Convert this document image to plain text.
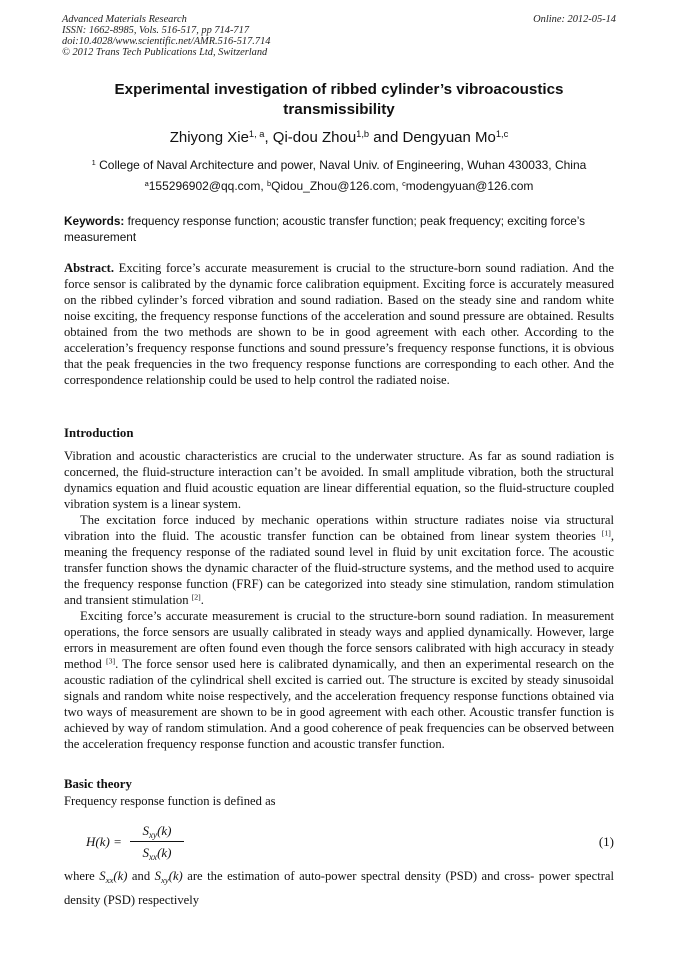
Advanced Materials Research
ISSN: 1662-8985, Vols. 516-517, pp 714-717
doi:10.4028/www.scientific.net/AMR.516-517.714
© 2012 Trans Tech Publications Ltd, Switzerland
Online: 2012-05-14
Experimental investigation of ribbed cylinder’s vibroacoustics transmissibility
Zhiyong Xie$^{1, a}$, Qi-dou Zhou$^{1,b}$ and Dengyuan Mo$^{1,c}$
$^1$ College of Naval Architecture and power, Naval Univ. of Engineering, Wuhan 430033, China
$^a$155296902@qq.com, $^b$Qidou_Zhou@126.com, $^c$modengyuan@126.com
Keywords: frequency response function; acoustic transfer function; peak frequency; exciting force’s measurement

Abstract. Exciting force’s accurate measurement is crucial to the structure-born sound radiation. And the force sensor is calibrated by the dynamic force calibration equipment. Exciting force is accurately measured on the ribbed cylinder’s forced vibration and sound radiation. Based on the steady sine and random white noise exciting, the frequency response functions of the acceleration and sound pressure are obtained. Results obtained from the two methods are shown to be in good agreement with each other. According to the acceleration’s frequency response functions and sound pressure’s frequency response functions, it is obvious that the peak frequencies in the two frequency response functions are corresponding to each other. And the correspondence relationship could be used to help control the radiated noise.

Introduction

Vibration and acoustic characteristics are crucial to the underwater structure. As far as sound radiation is concerned, the fluid-structure interaction can’t be avoided. In small amplitude vibration, both the structural dynamics equation and fluid acoustic equation are linear differential equation, so the fluid-structure coupled vibration system is a linear system.

The excitation force induced by mechanic operations within structure radiates noise via structural vibration into the fluid. The acoustic transfer function can be obtained from linear system theories [1], meaning the frequency response of the radiated sound level in fluid by unit excitation force. The acoustic transfer function shows the dynamic character of the fluid-structure systems, and the method used to acquire the frequency response function (FRF) can be categorized into steady sine stimulation, random stimulation and transient stimulation [2].

Exciting force’s accurate measurement is crucial to the structure-born sound radiation. In measurement operations, the force sensors are usually calibrated in steady ways and applied dynamically. However, large errors in measurement are often found even though the force sensors calibrated with high accuracy in steady method [3]. The force sensor used here is calibrated dynamically, and then an experimental research on the acoustic radiation of the cylindrical shell excited is carried out. The structure is excited by steady sinusoidal signals and random white noise respectively, and the acceleration frequency response functions obtained via two ways of measurement are shown to be in good agreement with each other. Acoustic transfer function is achieved by way of random stimulation. And a good coherence of peak frequencies can be observed between the acceleration frequency response function and acoustic transfer function.

Basic theory
Frequency response function is defined as
H(k) =
$S_{xy}(k)$
$S_{xx}(k)$
(1)
where $S_{xx}(k)$ and $S_{xy}(k)$ are the estimation of auto-power spectral density (PSD) and cross- power spectral density (PSD) respectively
